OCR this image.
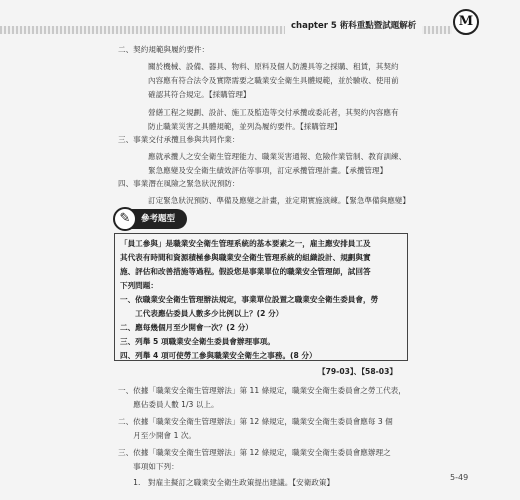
chapter 5 術科重點暨試題解析	M
二、契約規範與履約要件：
關於機械、設備、器具、物料、原料及個人防護具等之採購、租賃，其契約
內容應有符合法令及實際需要之職業安全衛生具體規範，並於驗收、使用前
確認其符合規定。【採購管理】
營繕工程之規劃、設計、施工及監造等交付承攬或委託者，其契約內容應有
防止職業災害之具體規範，並列為履約要件。【採購管理】
三、事業交付承攬且參與共同作業：
應就承攬人之安全衛生管理能力、職業災害通報、危險作業管制、教育訓練、
緊急應變及安全衛生績效評估等事項，訂定承攬管理計畫。【承攬管理】
四、事業潛在風險之緊急狀況預防：
訂定緊急狀況預防、準備及應變之計畫，並定期實施演練。【緊急準備與應變】
✎	參考題型
「員工參與」是職業安全衛生管理系統的基本要素之一，雇主應安排員工及
其代表有時間和資源積極參與職業安全衛生管理系統的組織設計、規劃與實
施、評估和改善措施等過程。假設您是事業單位的職業安全管理師，試回答
下列問題：
一、依職業安全衛生管理辦法規定，事業單位設置之職業安全衛生委員會，勞
　　工代表應佔委員人數多少比例以上？(2 分）
二、應每幾個月至少開會一次？(2 分）
三、列舉 5 項職業安全衛生委員會辦理事項。
四、列舉 4 項可使勞工參與職業安全衛生之事務。(8 分）
【79-03】、【58-03】
一、依據「職業安全衛生管理辦法」第 11 條規定，職業安全衛生委員會之勞工代表，
　　應佔委員人數 1/3 以上。
二、依據「職業安全衛生管理辦法」第 12 條規定，職業安全衛生委員會應每 3 個
　　月至少開會 1 次。
三、依據「職業安全衛生管理辦法」第 12 條規定，職業安全衛生委員會應辦理之
　　事項如下列：
　　1.　對雇主擬訂之職業安全衛生政策提出建議。【安衛政策】
5-49
